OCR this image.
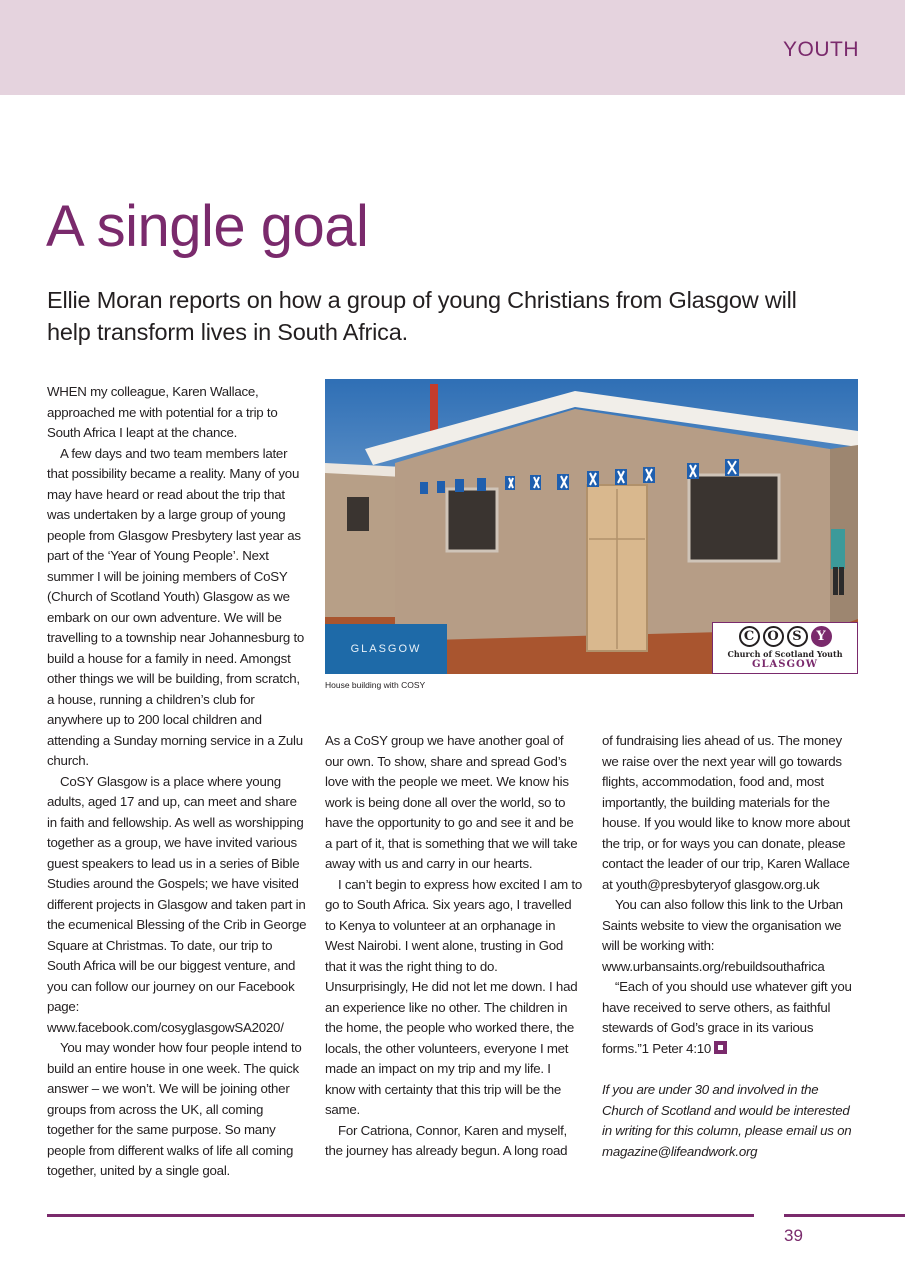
YOUTH
A single goal

Ellie Moran reports on how a group of young Christians from Glasgow will help transform lives in South Africa.

WHEN my colleague, Karen Wallace, approached me with potential for a trip to South Africa I leapt at the chance.

A few days and two team members later that possibility became a reality. Many of you may have heard or read about the trip that was undertaken by a large group of young people from Glasgow Presbytery last year as part of the ‘Year of Young People’. Next summer I will be joining members of CoSY (Church of Scotland Youth) Glasgow as we embark on our own adventure. We will be travelling to a township near Johannesburg to build a house for a family in need. Amongst other things we will be building, from scratch, a house, running a children’s club for anywhere up to 200 local children and attending a Sunday morning service in a Zulu church.

CoSY Glasgow is a place where young adults, aged 17 and up, can meet and share in faith and fellowship. As well as worshipping together as a group, we have invited various guest speakers to lead us in a series of Bible Studies around the Gospels; we have visited different projects in Glasgow and taken part in the ecumenical Blessing of the Crib in George Square at Christmas. To date, our trip to South Africa will be our biggest venture, and you can follow our journey on our Facebook page: www.facebook.com/cosyglasgowSA2020/

You may wonder how four people intend to build an entire house in one week. The quick answer – we won’t. We will be joining other groups from across the UK, all coming together for the same purpose. So many people from different walks of life all coming together, united by a single goal.

GLASGOW
C	O	S	Y
Church of Scotland Youth
GLASGOW
House building with COSY

As a CoSY group we have another goal of our own. To show, share and spread God’s love with the people we meet. We know his work is being done all over the world, so to have the opportunity to go and see it and be a part of it, that is something that we will take away with us and carry in our hearts.

I can’t begin to express how excited I am to go to South Africa. Six years ago, I travelled to Kenya to volunteer at an orphanage in West Nairobi. I went alone, trusting in God that it was the right thing to do. Unsurprisingly, He did not let me down. I had an experience like no other. The children in the home, the people who worked there, the locals, the other volunteers, everyone I met made an impact on my trip and my life. I know with certainty that this trip will be the same.

For Catriona, Connor, Karen and myself, the journey has already begun. A long road

of fundraising lies ahead of us. The money we raise over the next year will go towards flights, accommodation, food and, most importantly, the building materials for the house. If you would like to know more about the trip, or for ways you can donate, please contact the leader of our trip, Karen Wallace at youth@presbyteryof glasgow.org.uk

You can also follow this link to the Urban Saints website to view the organisation we will be working with: www.urbansaints.org/rebuildsouthafrica

“Each of you should use whatever gift you have received to serve others, as faithful stewards of God’s grace in its various forms.”1 Peter 4:10

If you are under 30 and involved in the Church of Scotland and would be interested in writing for this column, please email us on magazine@lifeandwork.org

39
